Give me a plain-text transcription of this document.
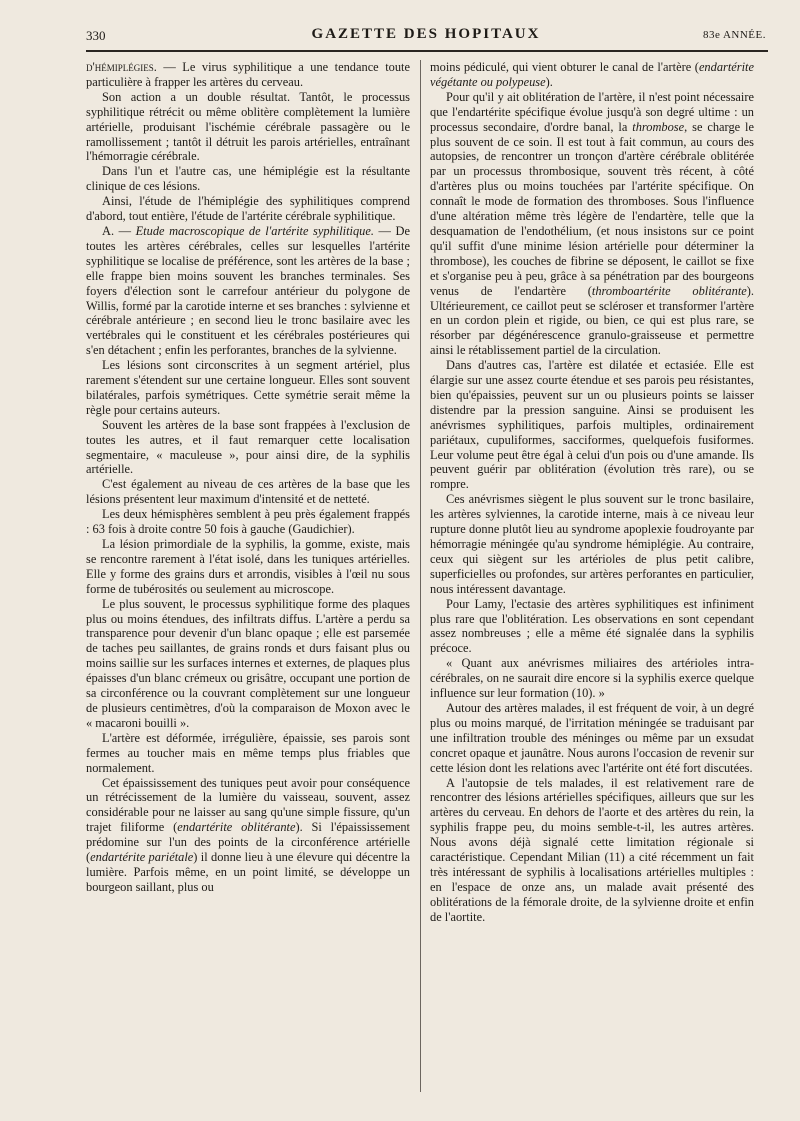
330	GAZETTE DES HOPITAUX	83e ANNÉE.

d'hémiplégies. — Le virus syphilitique a une tendance toute particulière à frapper les artères du cerveau.

Son action a un double résultat. Tantôt, le processus syphilitique rétrécit ou même oblitère complètement la lumière artérielle, produisant l'ischémie cérébrale passagère ou le ramollissement ; tantôt il détruit les parois artérielles, entraînant l'hémorragie cérébrale.

Dans l'un et l'autre cas, une hémiplégie est la résultante clinique de ces lésions.

Ainsi, l'étude de l'hémiplégie des syphilitiques comprend d'abord, tout entière, l'étude de l'artérite cérébrale syphilitique.

A. — Etude macroscopique de l'artérite syphilitique. — De toutes les artères cérébrales, celles sur lesquelles l'artérite syphilitique se localise de préférence, sont les artères de la base ; elle frappe bien moins souvent les branches terminales. Ses foyers d'élection sont le carrefour antérieur du polygone de Willis, formé par la carotide interne et ses branches : sylvienne et cérébrale antérieure ; en second lieu le tronc basilaire avec les vertébrales qui le constituent et les cérébrales postérieures qui s'en détachent ; enfin les perforantes, branches de la sylvienne.

Les lésions sont circonscrites à un segment artériel, plus rarement s'étendent sur une certaine longueur. Elles sont souvent bilatérales, parfois symétriques. Cette symétrie serait même la règle pour certains auteurs.

Souvent les artères de la base sont frappées à l'exclusion de toutes les autres, et il faut remarquer cette localisation segmentaire, « maculeuse », pour ainsi dire, de la syphilis artérielle.

C'est également au niveau de ces artères de la base que les lésions présentent leur maximum d'intensité et de netteté.

Les deux hémisphères semblent à peu près également frappés : 63 fois à droite contre 50 fois à gauche (Gaudichier).

La lésion primordiale de la syphilis, la gomme, existe, mais se rencontre rarement à l'état isolé, dans les tuniques artérielles. Elle y forme des grains durs et arrondis, visibles à l'œil nu sous forme de tubérosités ou seulement au microscope.

Le plus souvent, le processus syphilitique forme des plaques plus ou moins étendues, des infiltrats diffus. L'artère a perdu sa transparence pour devenir d'un blanc opaque ; elle est parsemée de taches peu saillantes, de grains ronds et durs faisant plus ou moins saillie sur les surfaces internes et externes, de plaques plus épaisses d'un blanc crémeux ou grisâtre, occupant une portion de sa circonférence ou la couvrant complètement sur une longueur de plusieurs centimètres, d'où la comparaison de Moxon avec le « macaroni bouilli ».

L'artère est déformée, irrégulière, épaissie, ses parois sont fermes au toucher mais en même temps plus friables que normalement.

Cet épaississement des tuniques peut avoir pour conséquence un rétrécissement de la lumière du vaisseau, souvent, assez considérable pour ne laisser au sang qu'une simple fissure, qu'un trajet filiforme (endartérite oblitérante). Si l'épaississement prédomine sur l'un des points de la circonférence artérielle (endartérite pariétale) il donne lieu à une élevure qui décentre la lumière. Parfois même, en un point limité, se développe un bourgeon saillant, plus ou

moins pédiculé, qui vient obturer le canal de l'artère (endartérite végétante ou polypeuse).

Pour qu'il y ait oblitération de l'artère, il n'est point nécessaire que l'endartérite spécifique évolue jusqu'à son degré ultime : un processus secondaire, d'ordre banal, la thrombose, se charge le plus souvent de ce soin. Il est tout à fait commun, au cours des autopsies, de rencontrer un tronçon d'artère cérébrale oblitérée par un processus thrombosique, souvent très récent, à côté d'artères plus ou moins touchées par l'artérite spécifique. On connaît le mode de formation des thromboses. Sous l'influence d'une altération même très légère de l'endartère, telle que la desquamation de l'endothélium, (et nous insistons sur ce point qu'il suffit d'une minime lésion artérielle pour déterminer la thrombose), les couches de fibrine se déposent, le caillot se fixe et s'organise peu à peu, grâce à sa pénétration par des bourgeons venus de l'endartère (thromboartérite oblitérante). Ultérieurement, ce caillot peut se scléroser et transformer l'artère en un cordon plein et rigide, ou bien, ce qui est plus rare, se résorber par dégénérescence granulo-graisseuse et permettre ainsi le rétablissement partiel de la circulation.

Dans d'autres cas, l'artère est dilatée et ectasiée. Elle est élargie sur une assez courte étendue et ses parois peu résistantes, bien qu'épaissies, peuvent sur un ou plusieurs points se laisser distendre par la pression sanguine. Ainsi se produisent les anévrismes syphilitiques, parfois multiples, ordinairement pariétaux, cupuliformes, sacciformes, quelquefois fusiformes. Leur volume peut être égal à celui d'un pois ou d'une amande. Ils peuvent guérir par oblitération (évolution très rare), ou se rompre.

Ces anévrismes siègent le plus souvent sur le tronc basilaire, les artères sylviennes, la carotide interne, mais à ce niveau leur rupture donne plutôt lieu au syndrome apoplexie foudroyante par hémorragie méningée qu'au syndrome hémiplégie. Au contraire, ceux qui siègent sur les artérioles de plus petit calibre, superficielles ou profondes, sur artères perforantes en particulier, nous intéressent davantage.

Pour Lamy, l'ectasie des artères syphilitiques est infiniment plus rare que l'oblitération. Les observations en sont cependant assez nombreuses ; elle a même été signalée dans la syphilis précoce.

« Quant aux anévrismes miliaires des artérioles intra-cérébrales, on ne saurait dire encore si la syphilis exerce quelque influence sur leur formation (10). »

Autour des artères malades, il est fréquent de voir, à un degré plus ou moins marqué, de l'irritation méningée se traduisant par une infiltration trouble des méninges ou même par un exsudat concret opaque et jaunâtre. Nous aurons l'occasion de revenir sur cette lésion dont les relations avec l'artérite ont été fort discutées.

A l'autopsie de tels malades, il est relativement rare de rencontrer des lésions artérielles spécifiques, ailleurs que sur les artères du cerveau. En dehors de l'aorte et des artères du rein, la syphilis frappe peu, du moins semble-t-il, les autres artères. Nous avons déjà signalé cette limitation régionale si caractéristique. Cependant Milian (11) a cité récemment un fait très intéressant de syphilis à localisations artérielles multiples : en l'espace de onze ans, un malade avait présenté des oblitérations de la fémorale droite, de la sylvienne droite et enfin de l'aortite.
